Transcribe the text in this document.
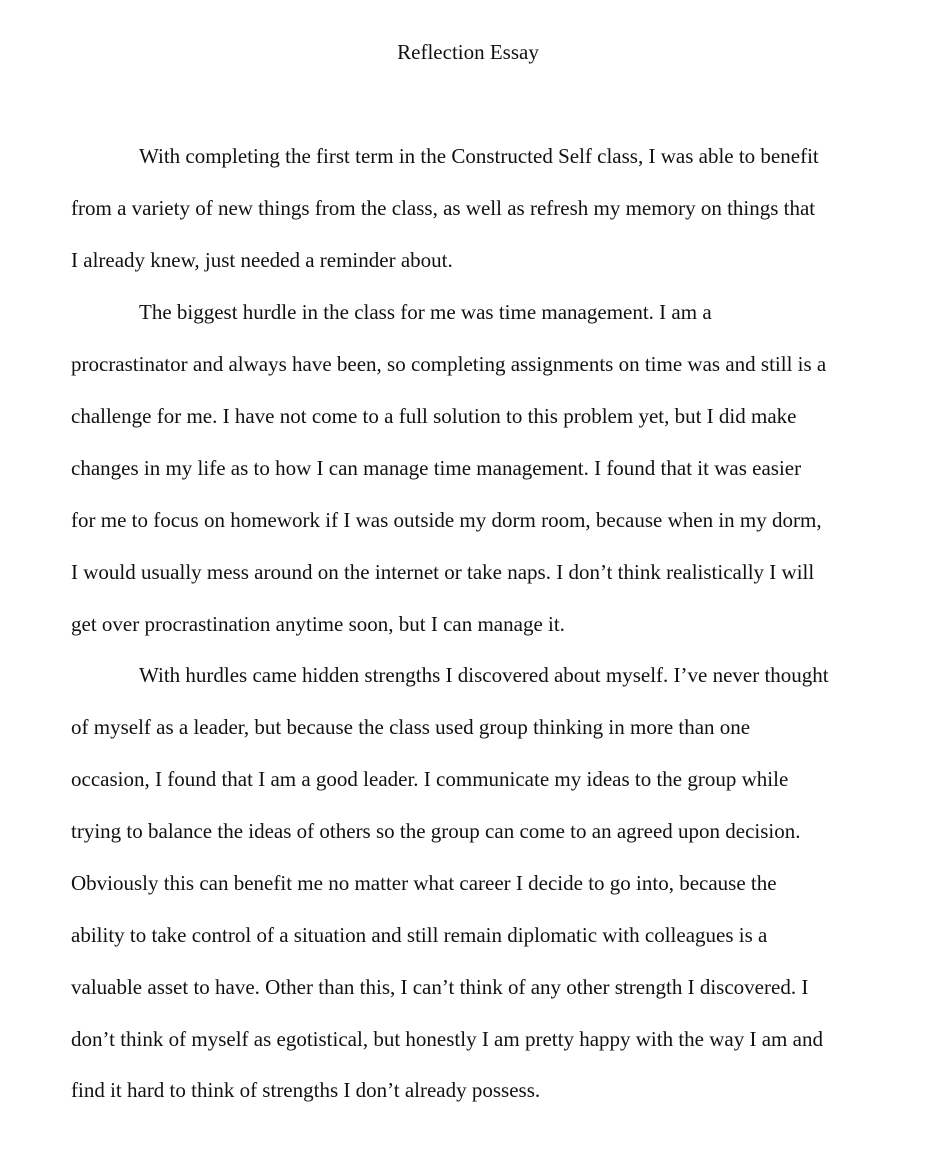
Reflection Essay

With completing the first term in the Constructed Self class, I was able to benefit

from a variety of new things from the class, as well as refresh my memory on things that

I already knew, just needed a reminder about.

The biggest hurdle in the class for me was time management. I am a

procrastinator and always have been, so completing assignments on time was and still is a

challenge for me. I have not come to a full solution to this problem yet, but I did make

changes in my life as to how I can manage time management. I found that it was easier

for me to focus on homework if I was outside my dorm room, because when in my dorm,

I would usually mess around on the internet or take naps. I don’t think realistically I will

get over procrastination anytime soon, but I can manage it.

With hurdles came hidden strengths I discovered about myself. I’ve never thought

of myself as a leader, but because the class used group thinking in more than one

occasion, I found that I am a good leader. I communicate my ideas to the group while

trying to balance the ideas of others so the group can come to an agreed upon decision.

Obviously this can benefit me no matter what career I decide to go into, because the

ability to take control of a situation and still remain diplomatic with colleagues is a

valuable asset to have. Other than this, I can’t think of any other strength I discovered. I

don’t think of myself as egotistical, but honestly I am pretty happy with the way I am and

find it hard to think of strengths I don’t already possess.
